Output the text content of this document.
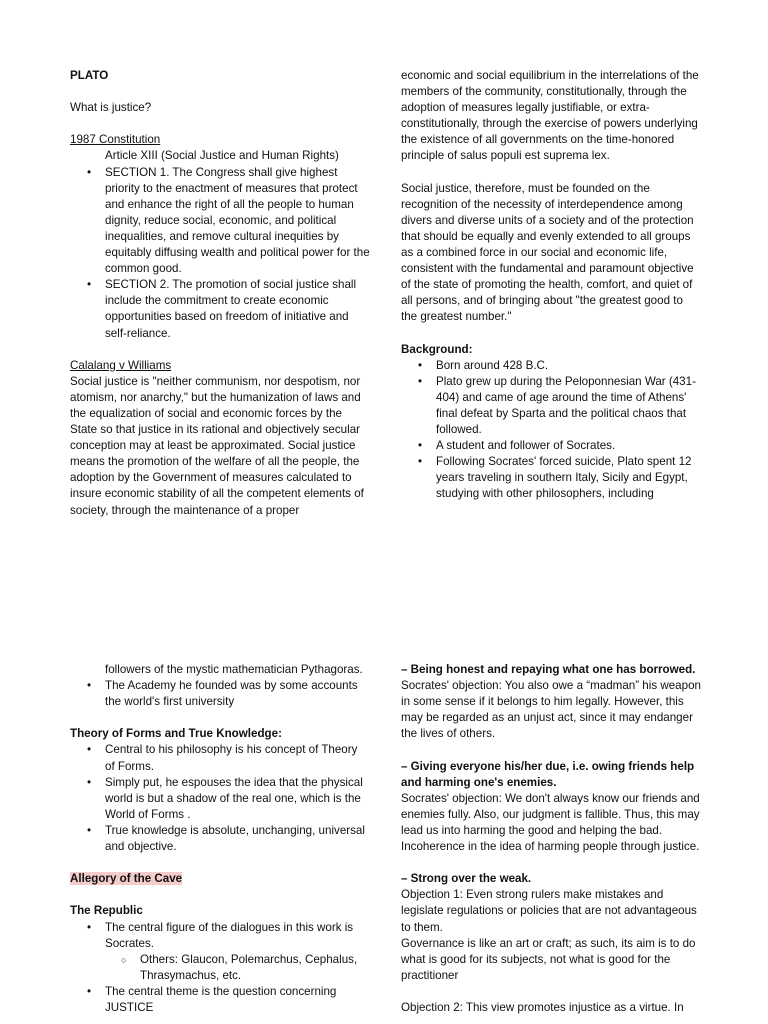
PLATO

What is justice?

1987 Constitution

Article XIII (Social Justice and Human Rights)

• SECTION 1. The Congress shall give highest priority to the enactment of measures that protect and enhance the right of all the people to human dignity, reduce social, economic, and political inequalities, and remove cultural inequities by equitably diffusing wealth and political power for the common good.
• SECTION 2. The promotion of social justice shall include the commitment to create economic opportunities based on freedom of initiative and self-reliance.

Calalang v Williams

Social justice is "neither communism, nor despotism, nor atomism, nor anarchy," but the humanization of laws and the equalization of social and economic forces by the State so that justice in its rational and objectively secular conception may at least be approximated. Social justice means the promotion of the welfare of all the people, the adoption by the Government of measures calculated to insure economic stability of all the competent elements of society, through the maintenance of a proper

economic and social equilibrium in the interrelations of the members of the community, constitutionally, through the adoption of measures legally justifiable, or extra-constitutionally, through the exercise of powers underlying the existence of all governments on the time-honored principle of salus populi est suprema lex.

Social justice, therefore, must be founded on the recognition of the necessity of interdependence among divers and diverse units of a society and of the protection that should be equally and evenly extended to all groups as a combined force in our social and economic life, consistent with the fundamental and paramount objective of the state of promoting the health, comfort, and quiet of all persons, and of bringing about "the greatest good to the greatest number."

Background:

• Born around 428 B.C.
• Plato grew up during the Peloponnesian War (431-404) and came of age around the time of Athens' final defeat by Sparta and the political chaos that followed.
• A student and follower of Socrates.
• Following Socrates' forced suicide, Plato spent 12 years traveling in southern Italy, Sicily and Egypt, studying with other philosophers, including

followers of the mystic mathematician Pythagoras.

• The Academy he founded was by some accounts the world's first university

Theory of Forms and True Knowledge:

• Central to his philosophy is his concept of Theory of Forms.
• Simply put, he espouses the idea that the physical world is but a shadow of the real one, which is the World of Forms .
• True knowledge is absolute, unchanging, universal and objective.

Allegory of the Cave

The Republic

• The central figure of the dialogues in this work is Socrates.
○ Others: Glaucon, Polemarchus, Cephalus, Thrasymachus, etc.
• The central theme is the question concerning JUSTICE

– Being honest and repaying what one has borrowed.

Socrates' objection: You also owe a “madman” his weapon in some sense if it belongs to him legally. However, this may be regarded as an unjust act, since it may endanger the lives of others.

– Giving everyone his/her due, i.e. owing friends help and harming one's enemies.

Socrates' objection: We don't always know our friends and enemies fully. Also, our judgment is fallible. Thus, this may lead us into harming the good and helping the bad. Incoherence in the idea of harming people through justice.

– Strong over the weak.

Objection 1: Even strong rulers make mistakes and legislate regulations or policies that are not advantageous to them.

Governance is like an art or craft; as such, its aim is to do what is good for its subjects, not what is good for the practitioner

Objection 2: This view promotes injustice as a virtue. In
